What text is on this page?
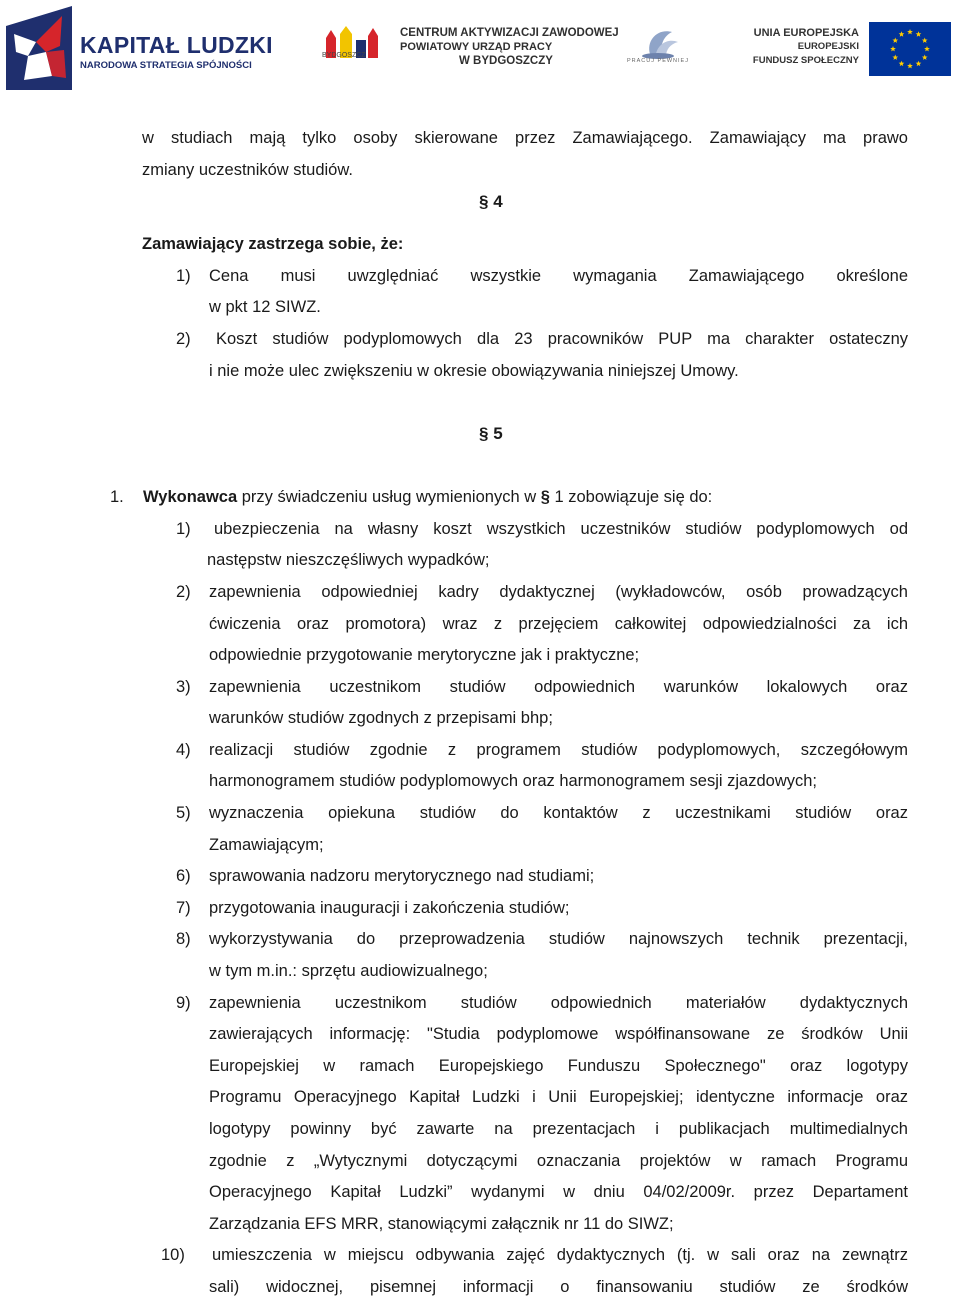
KAPITAŁ LUDZKI
NARODOWA STRATEGIA SPÓJNOŚCI
BYDGOSZCZ
CENTRUM AKTYWIZACJI ZAWODOWEJ
POWIATOWY URZĄD PRACY
W BYDGOSZCZY	PRACUJ PEWNIEJ
UNIA EUROPEJSKA
EUROPEJSKI
FUNDUSZ SPOŁECZNY
w studiach mają tylko osoby skierowane przez Zamawiającego. Zamawiający ma prawo
zmiany uczestników studiów.
§ 4
Zamawiający zastrzega sobie, że:
1) Cena musi uwzględniać wszystkie wymagania Zamawiającego określone
w pkt 12 SIWZ.
2) Koszt studiów podyplomowych dla 23 pracowników PUP ma charakter ostateczny
i nie może ulec zwiększeniu w okresie obowiązywania niniejszej Umowy.
§ 5
1. Wykonawca przy świadczeniu usług wymienionych w § 1 zobowiązuje się do:
1) ubezpieczenia na własny koszt wszystkich uczestników studiów podyplomowych od
następstw nieszczęśliwych wypadków;
2) zapewnienia odpowiedniej kadry dydaktycznej (wykładowców, osób prowadzących
ćwiczenia oraz promotora) wraz z przejęciem całkowitej odpowiedzialności za ich
odpowiednie przygotowanie merytoryczne jak i praktyczne;
3) zapewnienia uczestnikom studiów odpowiednich warunków lokalowych oraz
warunków studiów zgodnych z przepisami bhp;
4) realizacji studiów zgodnie z programem studiów podyplomowych, szczegółowym
harmonogramem studiów podyplomowych oraz harmonogramem sesji zjazdowych;
5) wyznaczenia opiekuna studiów do kontaktów z uczestnikami studiów oraz
Zamawiającym;
6) sprawowania nadzoru merytorycznego nad studiami;
7) przygotowania inauguracji i zakończenia studiów;
8) wykorzystywania do przeprowadzenia studiów najnowszych technik prezentacji,
w tym m.in.: sprzętu audiowizualnego;
9) zapewnienia uczestnikom studiów odpowiednich materiałów dydaktycznych
zawierających informację: "Studia podyplomowe współfinansowane ze środków Unii
Europejskiej w ramach Europejskiego Funduszu Społecznego" oraz logotypy
Programu Operacyjnego Kapitał Ludzki i Unii Europejskiej; identyczne informacje oraz
logotypy powinny być zawarte na prezentacjach i publikacjach multimedialnych
zgodnie z „Wytycznymi dotyczącymi oznaczania projektów w ramach Programu
Operacyjnego Kapitał Ludzki” wydanymi w dniu 04/02/2009r. przez Departament
Zarządzania EFS MRR, stanowiącymi załącznik nr 11 do SIWZ;
10) umieszczenia w miejscu odbywania zajęć dydaktycznych (tj. w sali oraz na zewnątrz
sali) widocznej, pisemnej informacji o finansowaniu studiów ze środków
